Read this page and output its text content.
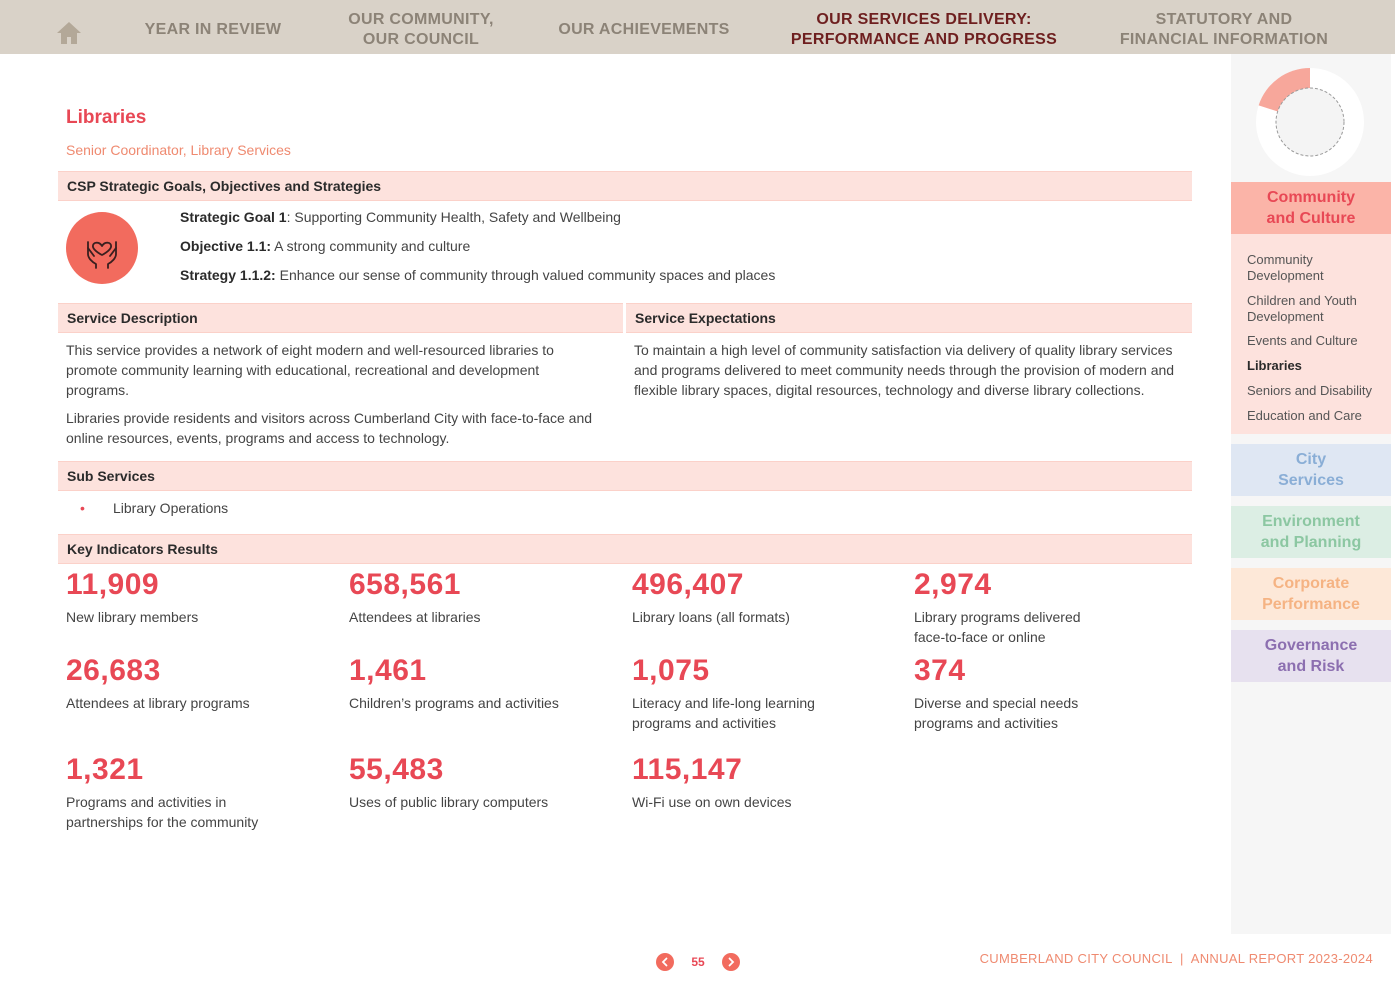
YEAR IN REVIEW
OUR COMMUNITY,
OUR COUNCIL
OUR ACHIEVEMENTS
OUR SERVICES DELIVERY:
PERFORMANCE AND PROGRESS
STATUTORY AND
FINANCIAL INFORMATION
Libraries
Senior Coordinator, Library Services
CSP Strategic Goals, Objectives and Strategies
Strategic Goal 1: Supporting Community Health, Safety and Wellbeing
Objective 1.1: A strong community and culture
Strategy 1.1.2: Enhance our sense of community through valued community spaces and places
Service Description	Service Expectations
This service provides a network of eight modern and well-resourced libraries to promote community learning with educational, recreational and development programs.
Libraries provide residents and visitors across Cumberland City with face-to-face and online resources, events, programs and access to technology.
To maintain a high level of community satisfaction via delivery of quality library services and programs delivered to meet community needs through the provision of modern and flexible library spaces, digital resources, technology and diverse library collections.
Sub Services
• Library Operations
Key Indicators Results
11,909
New library members
658,561
Attendees at libraries
496,407
Library loans (all formats)
2,974
Library programs delivered face-to-face or online
26,683
Attendees at library programs
1,461
Children’s programs and activities
1,075
Literacy and life-long learning programs and activities
374
Diverse and special needs programs and activities
1,321
Programs and activities in partnerships for the community
55,483
Uses of public library computers
115,147
Wi-Fi use on own devices
Community
and Culture
Community
Development
Children and Youth
Development
Events and Culture
Libraries
Seniors and Disability
Education and Care
City
Services
Environment
and Planning
Corporate
Performance
Governance
and Risk
55	CUMBERLAND CITY COUNCIL  |  ANNUAL REPORT 2023-2024
